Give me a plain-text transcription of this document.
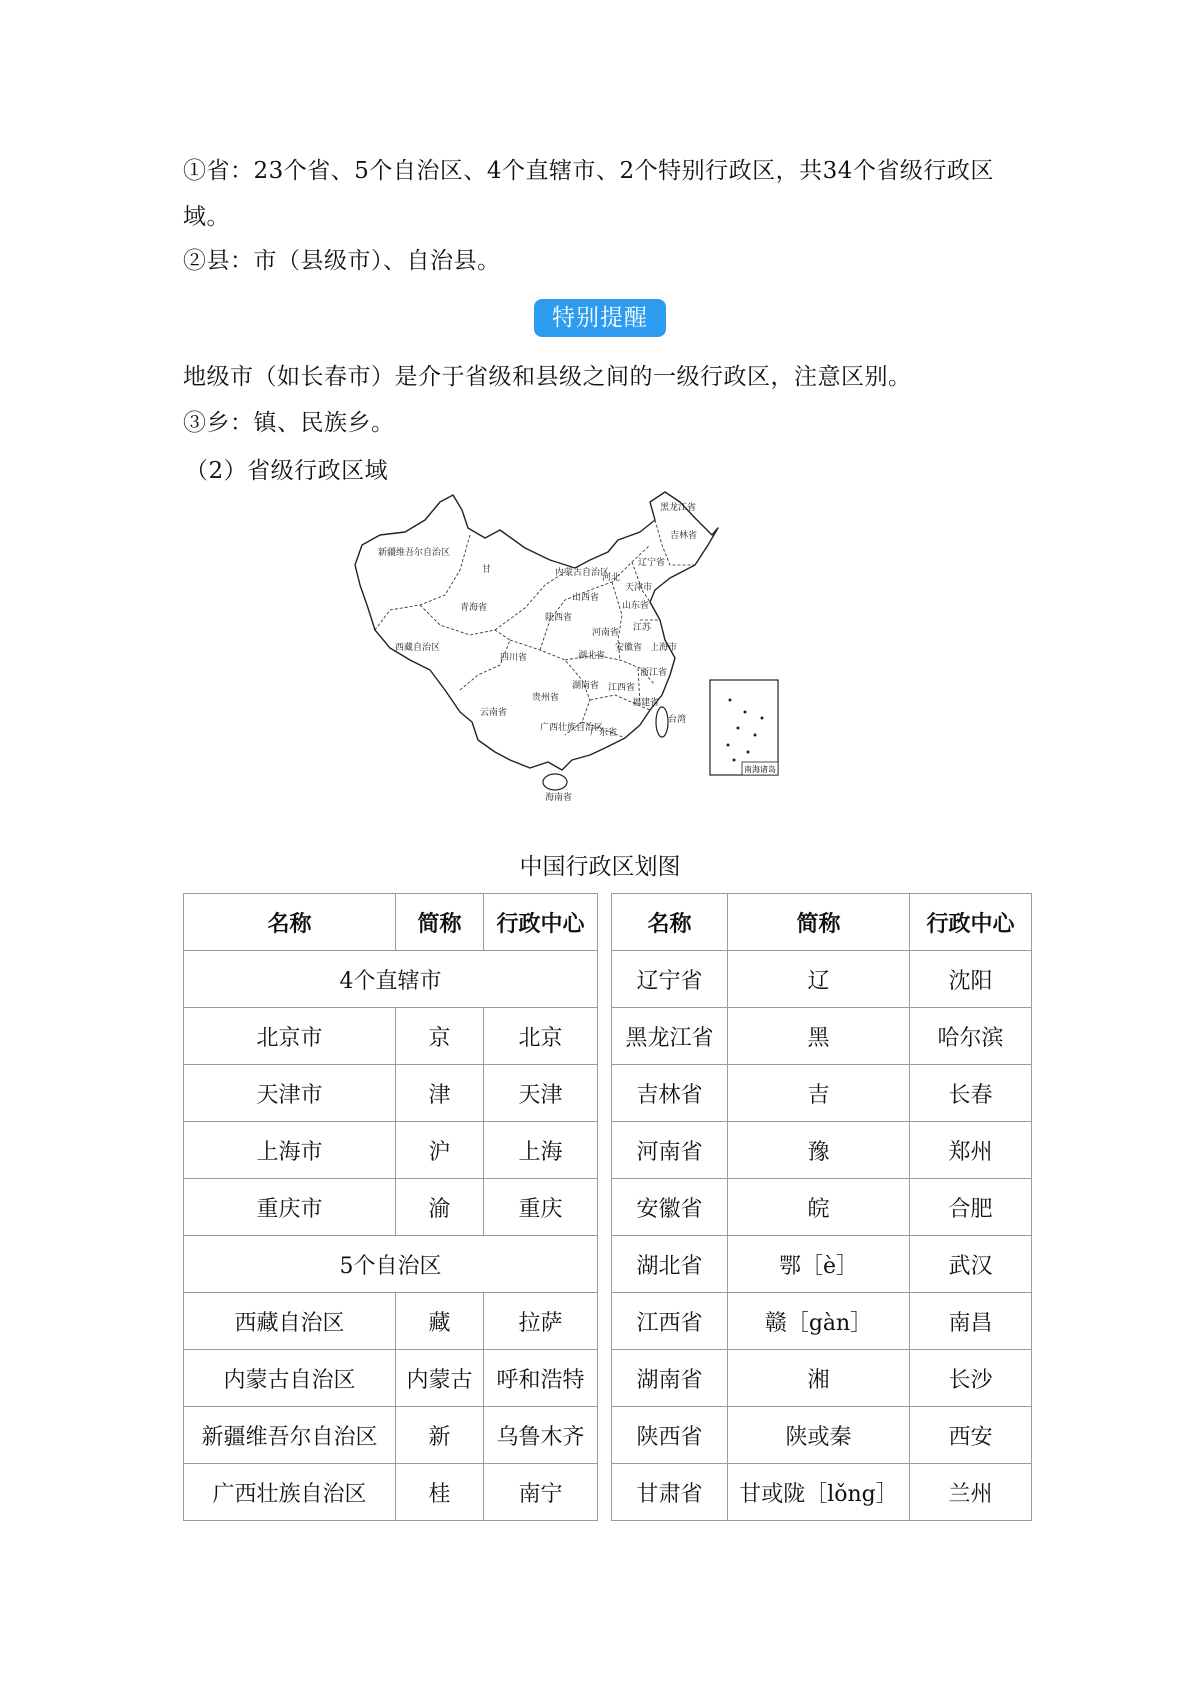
①省：23个省、5个自治区、4个直辖市、2个特别行政区，共34个省级行政区域。
②县：市（县级市）、自治县。
特别提醒
地级市（如长春市）是介于省级和县级之间的一级行政区，注意区别。
③乡：镇、民族乡。
（2）省级行政区域
南海诸岛
新疆维吾尔自治区
西藏自治区
青海省
甘	内蒙古自治区
黑龙江省
吉林省
辽宁省
四川省
云南省
贵州省
广西壮族自治区
广东省
湖南省
湖北省
河南省
山东省
山西省
陕西省
河北
天津市
上海市
江西省
福建省
浙江省
安徽省
江苏
海南省
台湾
中国行政区划图
名称	简称	行政中心		名称	简称	行政中心
4个直辖市				辽宁省	辽	沈阳
北京市	京	北京		黑龙江省	黑	哈尔滨
天津市	津	天津		吉林省	吉	长春
上海市	沪	上海		河南省	豫	郑州
重庆市	渝	重庆		安徽省	皖	合肥
5个自治区				湖北省	鄂［è］	武汉
西藏自治区	藏	拉萨		江西省	赣［gàn］	南昌
内蒙古自治区	内蒙古	呼和浩特		湖南省	湘	长沙
新疆维吾尔自治区	新	乌鲁木齐		陕西省	陕或秦	西安
广西壮族自治区	桂	南宁		甘肃省	甘或陇［lǒng］	兰州
